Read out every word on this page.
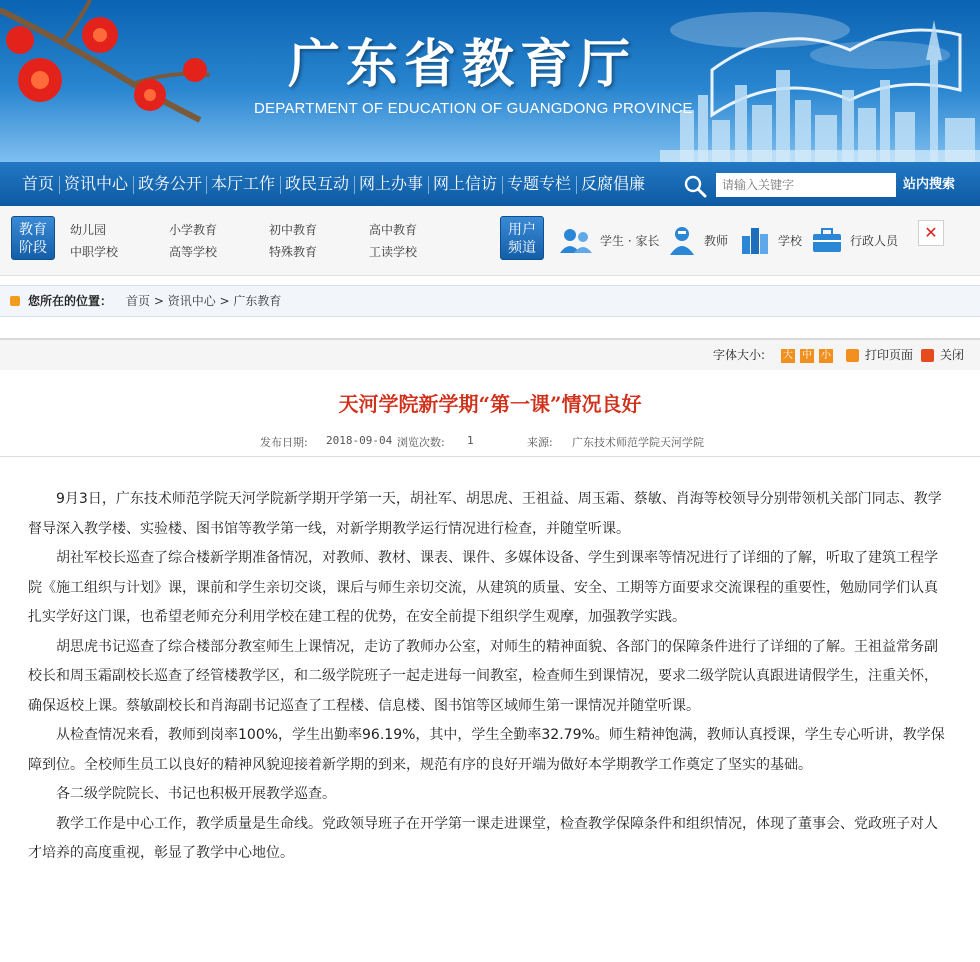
广东省教育厅
DEPARTMENT OF EDUCATION OF GUANGDONG PROVINCE
首页 资讯中心 政务公开 本厅工作 政民互动 网上办事 网上信访 专题专栏 反腐倡廉
请输入关键字	站内搜索
教育
阶段
幼儿园	小学教育	初中教育	高中教育
中职学校	高等学校	特殊教育	工读学校
用户
频道	学生 · 家长	教师	学校	行政人员	✕
您所在的位置： 首页 > 资讯中心 > 广东教育
字体大小: 大 中 小	打印页面 关闭
天河学院新学期“第一课”情况良好
发布日期: 2018-09-04 浏览次数: 1	来源: 广东技术师范学院天河学院

9月3日，广东技术师范学院天河学院新学期开学第一天，胡社军、胡思虎、王祖益、周玉霜、蔡敏、肖海等校领导分别带领机关部门同志、教学督导深入教学楼、实验楼、图书馆等教学第一线，对新学期教学运行情况进行检查，并随堂听课。

胡社军校长巡查了综合楼新学期准备情况，对教师、教材、课表、课件、多媒体设备、学生到课率等情况进行了详细的了解，听取了建筑工程学院《施工组织与计划》课，课前和学生亲切交谈，课后与师生亲切交流，从建筑的质量、安全、工期等方面要求交流课程的重要性，勉励同学们认真扎实学好这门课，也希望老师充分利用学校在建工程的优势，在安全前提下组织学生观摩，加强教学实践。

胡思虎书记巡查了综合楼部分教室师生上课情况，走访了教师办公室，对师生的精神面貌、各部门的保障条件进行了详细的了解。王祖益常务副校长和周玉霜副校长巡查了经管楼教学区，和二级学院班子一起走进每一间教室，检查师生到课情况，要求二级学院认真跟进请假学生，注重关怀，确保返校上课。蔡敏副校长和肖海副书记巡查了工程楼、信息楼、图书馆等区域师生第一课情况并随堂听课。

从检查情况来看，教师到岗率100%，学生出勤率96.19%，其中，学生全勤率32.79%。师生精神饱满，教师认真授课，学生专心听讲，教学保障到位。全校师生员工以良好的精神风貌迎接着新学期的到来，规范有序的良好开端为做好本学期教学工作奠定了坚实的基础。

各二级学院院长、书记也积极开展教学巡查。

教学工作是中心工作，教学质量是生命线。党政领导班子在开学第一课走进课堂，检查教学保障条件和组织情况，体现了董事会、党政班子对人才培养的高度重视，彰显了教学中心地位。
